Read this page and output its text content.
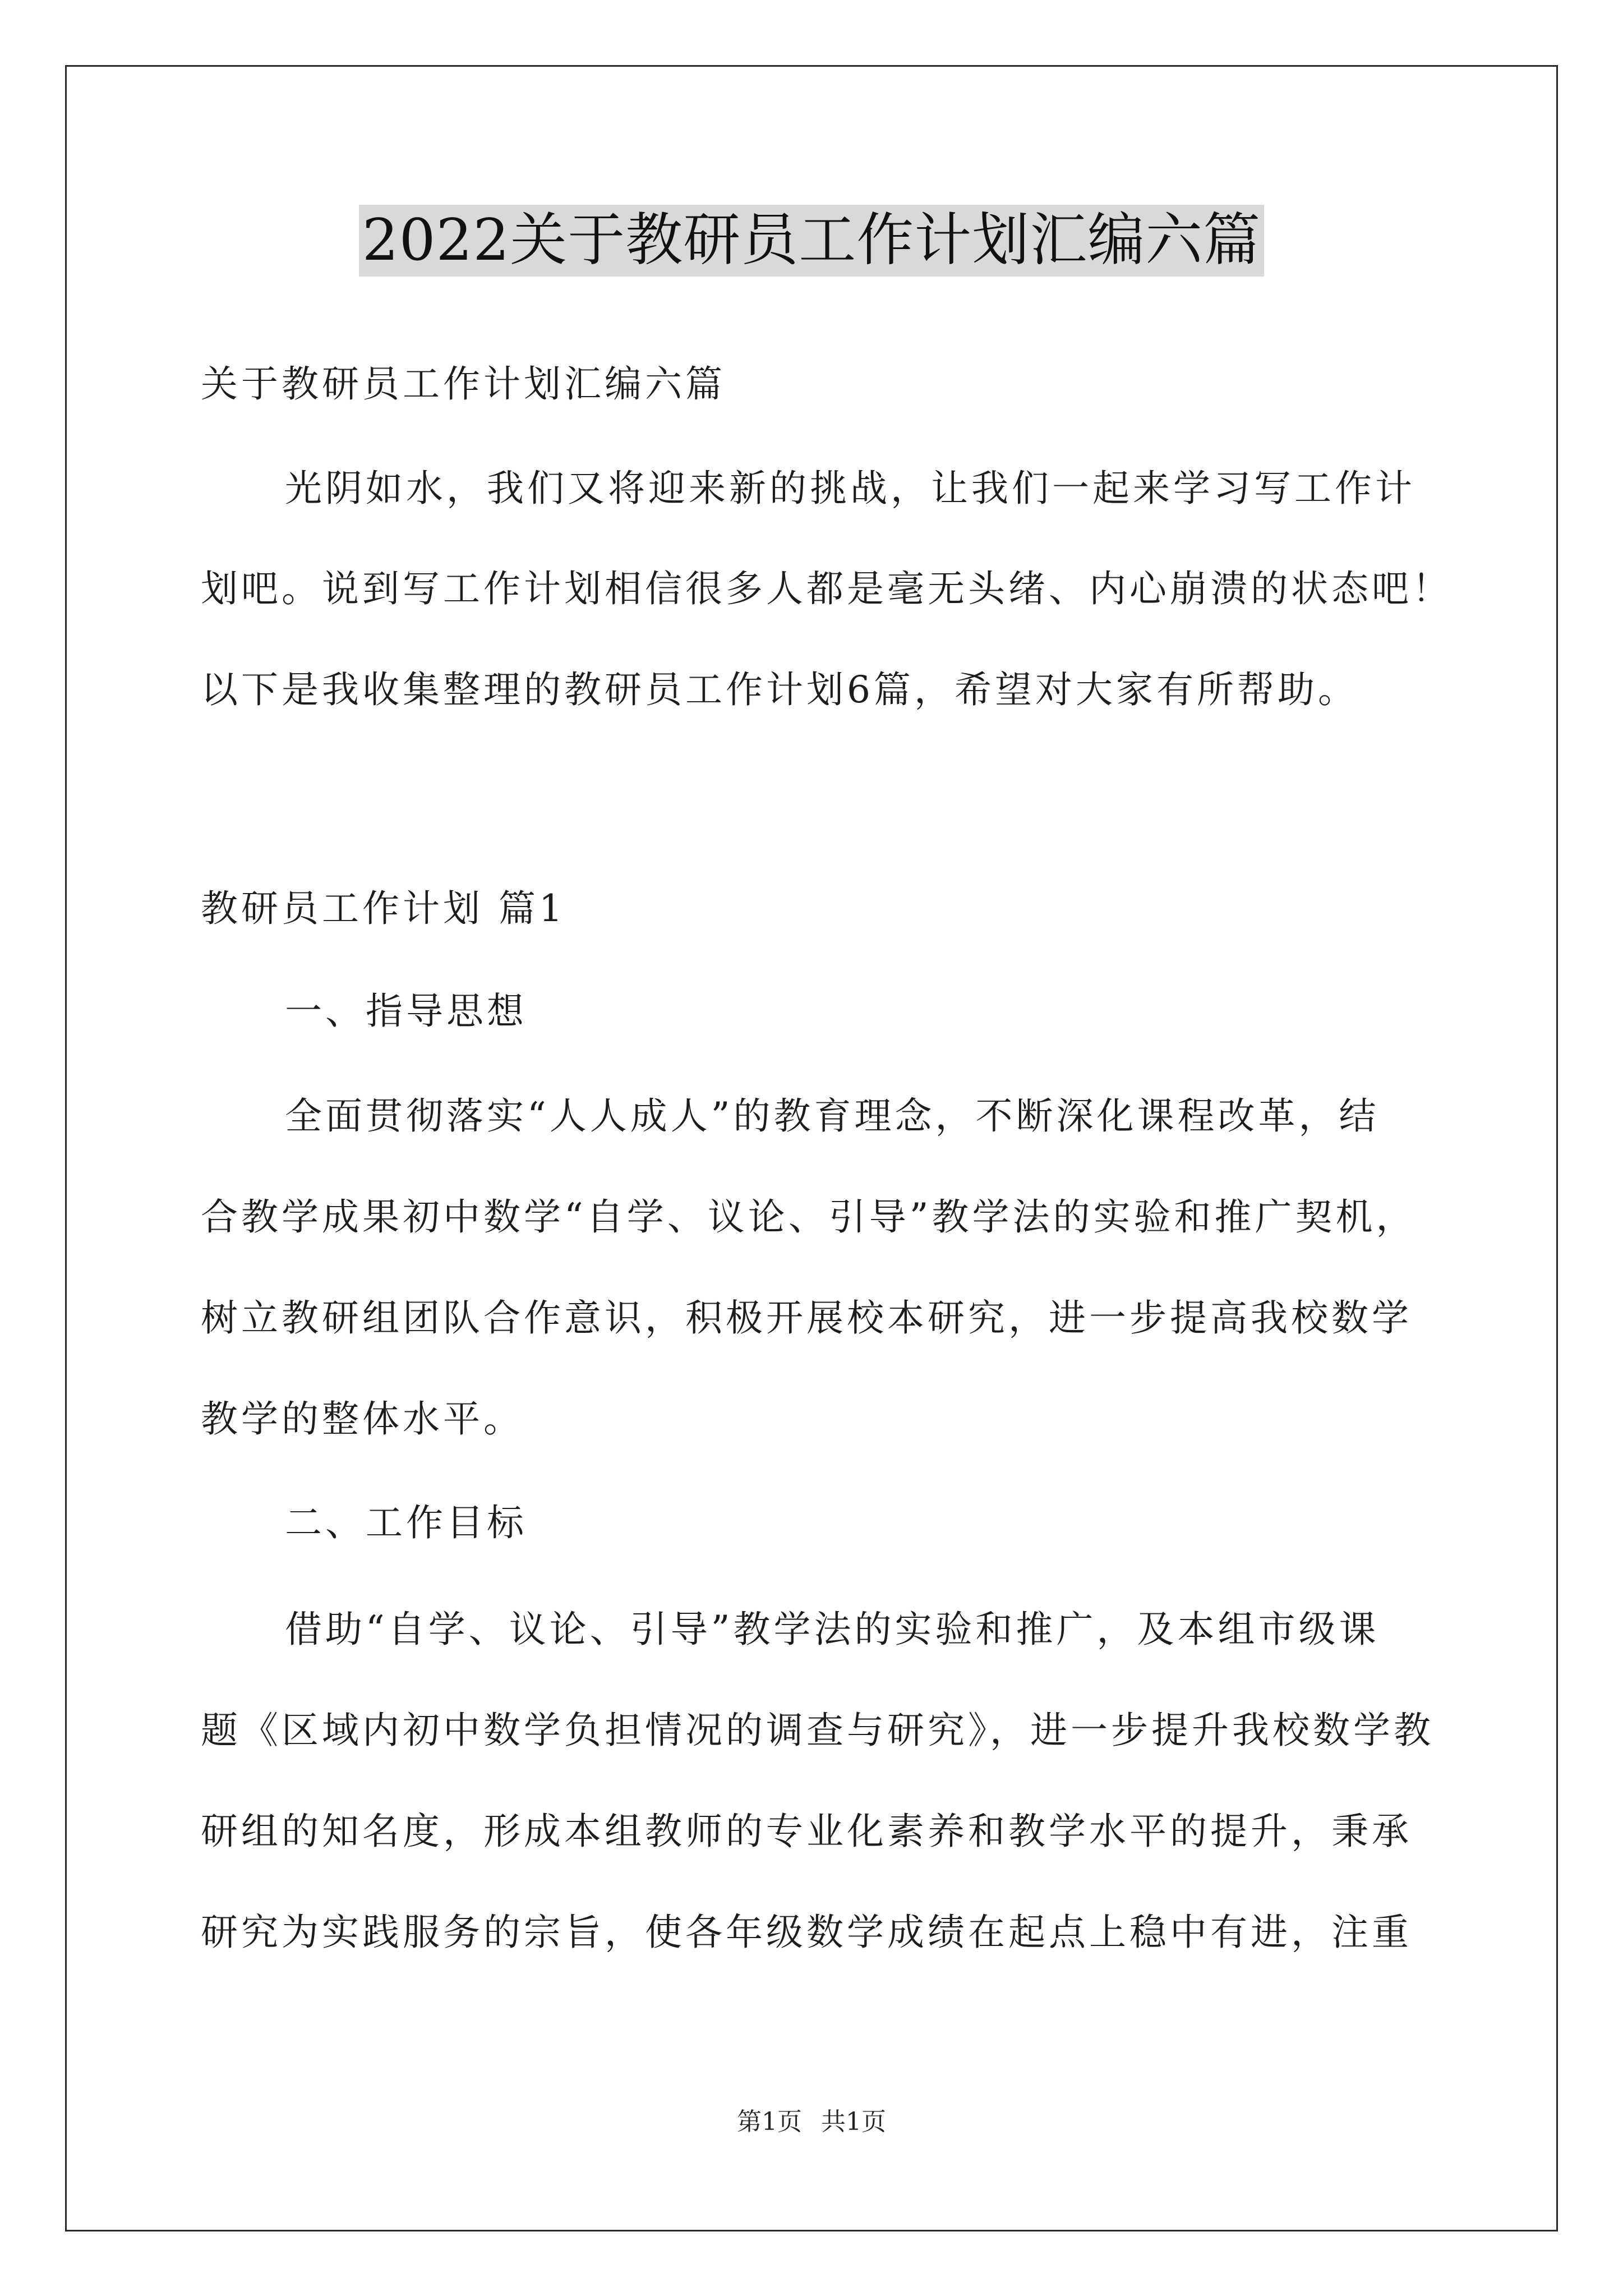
2022关于教研员工作计划汇编六篇
关于教研员工作计划汇编六篇
光阴如水，我们又将迎来新的挑战，让我们一起来学习写工作计
划吧。说到写工作计划相信很多人都是毫无头绪、内心崩溃的状态吧！
以下是我收集整理的教研员工作计划6篇，希望对大家有所帮助。
教研员工作计划 篇1
一、指导思想
全面贯彻落实“人人成人”的教育理念，不断深化课程改革，结
合教学成果初中数学“自学、议论、引导”教学法的实验和推广契机，
树立教研组团队合作意识，积极开展校本研究，进一步提高我校数学
教学的整体水平。
二、工作目标
借助“自学、议论、引导”教学法的实验和推广，及本组市级课
题《区域内初中数学负担情况的调查与研究》，进一步提升我校数学教
研组的知名度，形成本组教师的专业化素养和教学水平的提升，秉承
研究为实践服务的宗旨，使各年级数学成绩在起点上稳中有进，注重
第1页 共1页
